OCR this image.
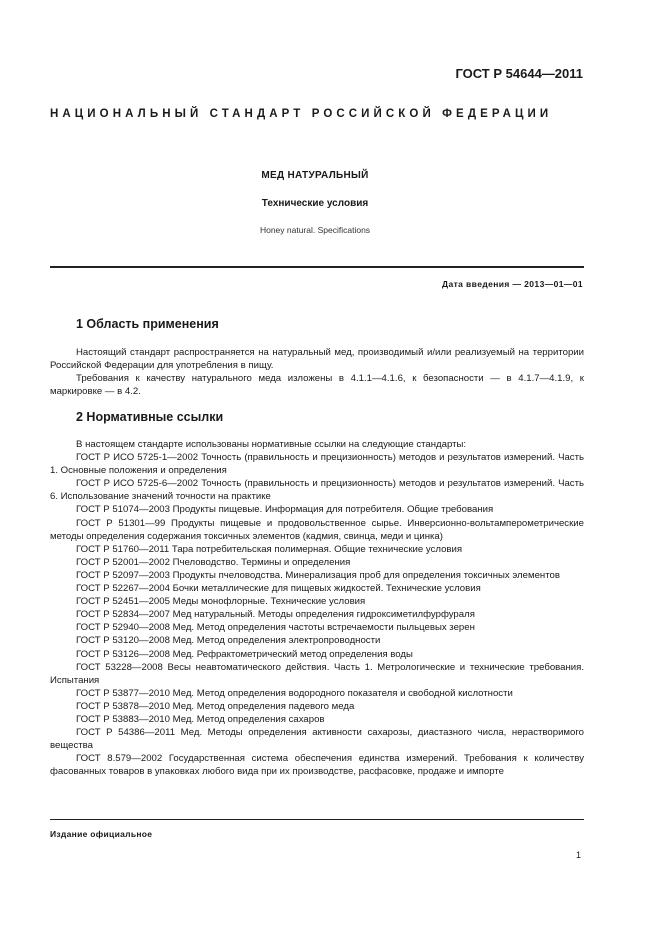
ГОСТ Р 54644—2011
НАЦИОНАЛЬНЫЙ СТАНДАРТ РОССИЙСКОЙ ФЕДЕРАЦИИ
МЕД НАТУРАЛЬНЫЙ
Технические условия
Honey natural. Specifications
Дата введения — 2013—01—01
1 Область применения

Настоящий стандарт распространяется на натуральный мед, производимый и/или реализуемый на территории Российской Федерации для употребления в пищу.

Требования к качеству натурального меда изложены в 4.1.1—4.1.6, к безопасности — в 4.1.7—4.1.9, к маркировке — в 4.2.

2 Нормативные ссылки

В настоящем стандарте использованы нормативные ссылки на следующие стандарты:

ГОСТ Р ИСО 5725-1—2002 Точность (правильность и прецизионность) методов и результатов измерений. Часть 1. Основные положения и определения

ГОСТ Р ИСО 5725-6—2002 Точность (правильность и прецизионность) методов и результатов измерений. Часть 6. Использование значений точности на практике

ГОСТ Р 51074—2003 Продукты пищевые. Информация для потребителя. Общие требования

ГОСТ Р 51301—99 Продукты пищевые и продовольственное сырье. Инверсионно-вольтамперометрические методы определения содержания токсичных элементов (кадмия, свинца, меди и цинка)

ГОСТ Р 51760—2011 Тара потребительская полимерная. Общие технические условия

ГОСТ Р 52001—2002 Пчеловодство. Термины и определения

ГОСТ Р 52097—2003 Продукты пчеловодства. Минерализация проб для определения токсичных элементов

ГОСТ Р 52267—2004 Бочки металлические для пищевых жидкостей. Технические условия

ГОСТ Р 52451—2005 Меды монофлорные. Технические условия

ГОСТ Р 52834—2007 Мед натуральный. Методы определения гидроксиметилфурфураля

ГОСТ Р 52940—2008 Мед. Метод определения частоты встречаемости пыльцевых зерен

ГОСТ Р 53120—2008 Мед. Метод определения электропроводности

ГОСТ Р 53126—2008 Мед. Рефрактометрический метод определения воды

ГОСТ 53228—2008 Весы неавтоматического действия. Часть 1. Метрологические и технические требования. Испытания

ГОСТ Р 53877—2010 Мед. Метод определения водородного показателя и свободной кислотности

ГОСТ Р 53878—2010 Мед. Метод определения падевого меда

ГОСТ Р 53883—2010 Мед. Метод определения сахаров

ГОСТ Р 54386—2011 Мед. Методы определения активности сахарозы, диастазного числа, нерастворимого вещества

ГОСТ 8.579—2002 Государственная система обеспечения единства измерений. Требования к количеству фасованных товаров в упаковках любого вида при их производстве, расфасовке, продаже и импорте

Издание официальное
1
